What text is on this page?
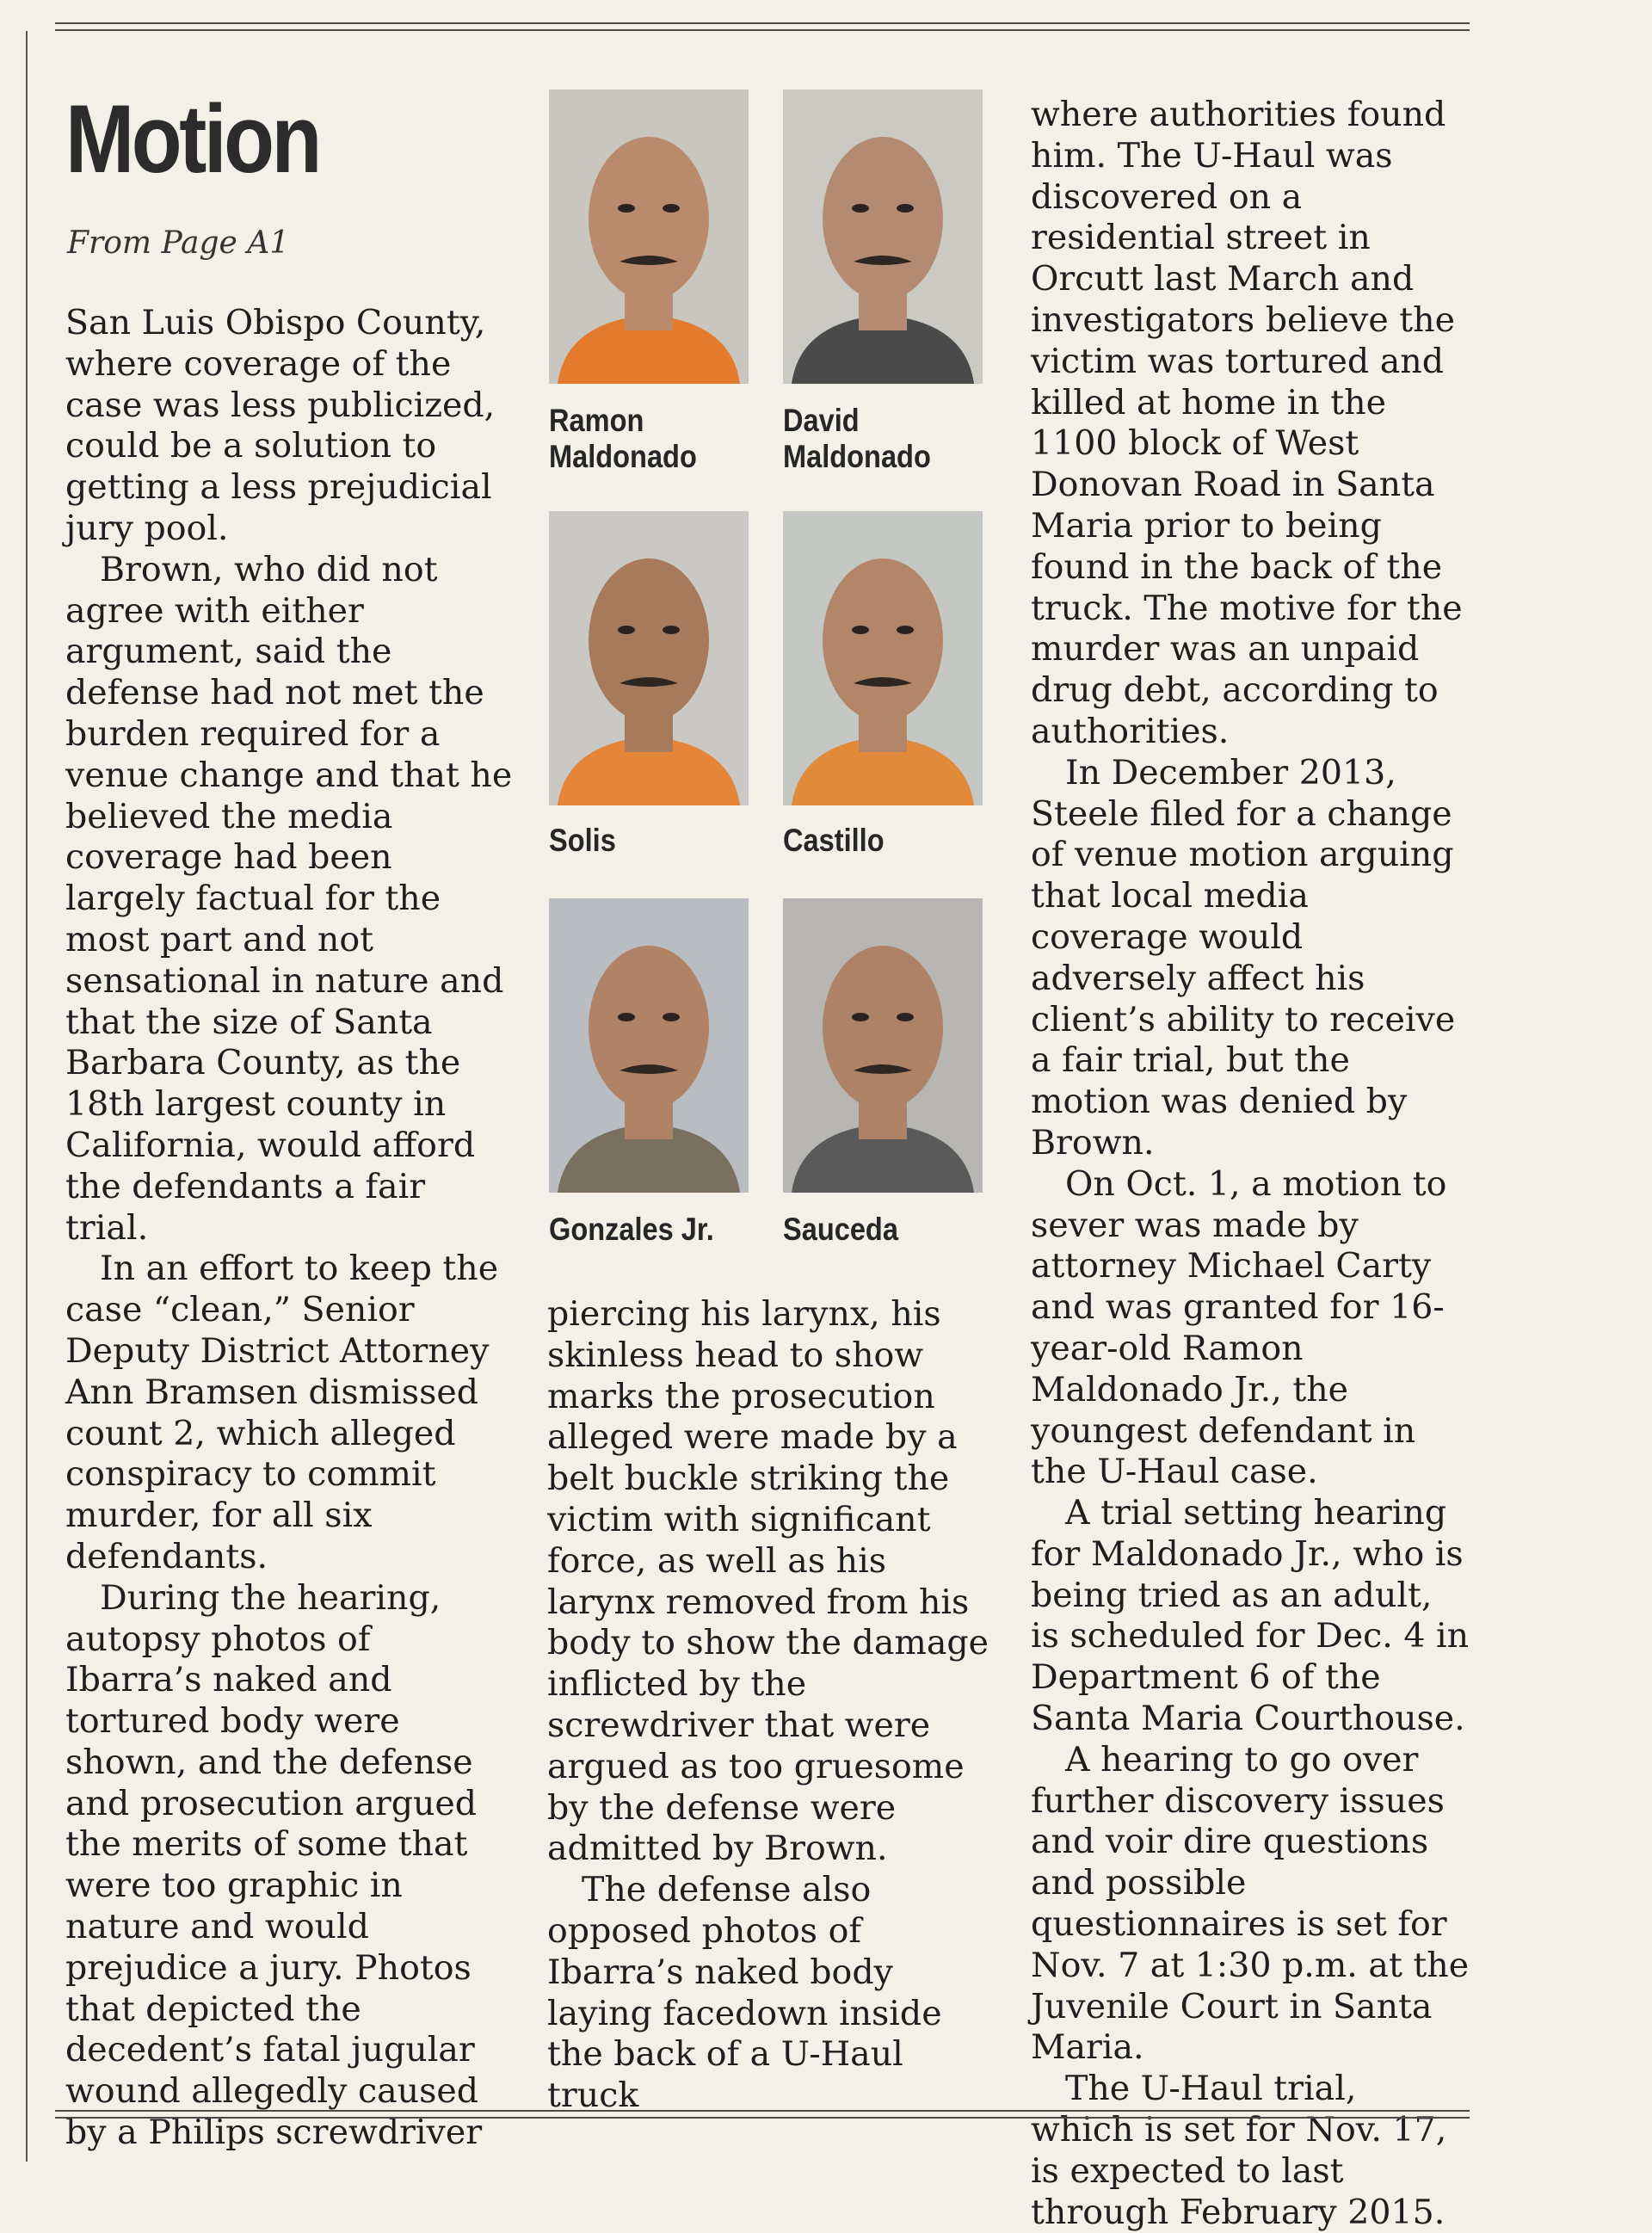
Motion

From Page A1

San Luis Obispo County, where coverage of the case was less publicized, could be a solution to getting a less prejudicial jury pool.

Brown, who did not agree with either argument, said the defense had not met the burden required for a venue change and that he believed the media coverage had been largely factual for the most part and not sensational in nature and that the size of Santa Barbara County, as the 18th largest county in California, would afford the defendants a fair trial.

In an effort to keep the case “clean,” Senior Deputy District Attorney Ann Bramsen dismissed count 2, which alleged conspiracy to commit murder, for all six defendants.

During the hearing, autopsy photos of Ibarra’s naked and tortured body were shown, and the defense and prosecution argued the merits of some that were too graphic in nature and would prejudice a jury. Photos that depicted the decedent’s fatal jugular wound allegedly caused by a Philips screwdriver

Ramon
Maldonado
David
Maldonado
Solis	Castillo
Gonzales Jr. Sauceda

piercing his larynx, his skinless head to show marks the prosecution alleged were made by a belt buckle striking the victim with significant force, as well as his larynx removed from his body to show the damage inflicted by the screwdriver that were argued as too gruesome by the defense were admitted by Brown.

The defense also opposed photos of Ibarra’s naked body laying facedown inside the back of a U-Haul truck

where authorities found him. The U-Haul was discovered on a residential street in Orcutt last March and investigators believe the victim was tortured and killed at home in the 1100 block of West Donovan Road in Santa Maria prior to being found in the back of the truck. The motive for the murder was an unpaid drug debt, according to authorities.

In December 2013, Steele filed for a change of venue motion arguing that local media coverage would adversely affect his client’s ability to receive a fair trial, but the motion was denied by Brown.

On Oct. 1, a motion to sever was made by attorney Michael Carty and was granted for 16-year-old Ramon Maldonado Jr., the youngest defendant in the U-Haul case.

A trial setting hearing for Maldonado Jr., who is being tried as an adult, is scheduled for Dec. 4 in Department 6 of the Santa Maria Courthouse.

A hearing to go over further discovery issues and voir dire questions and possible questionnaires is set for Nov. 7 at 1:30 p.m. at the Juvenile Court in Santa Maria.

The U-Haul trial, which is set for Nov. 17, is expected to last through February 2015.
